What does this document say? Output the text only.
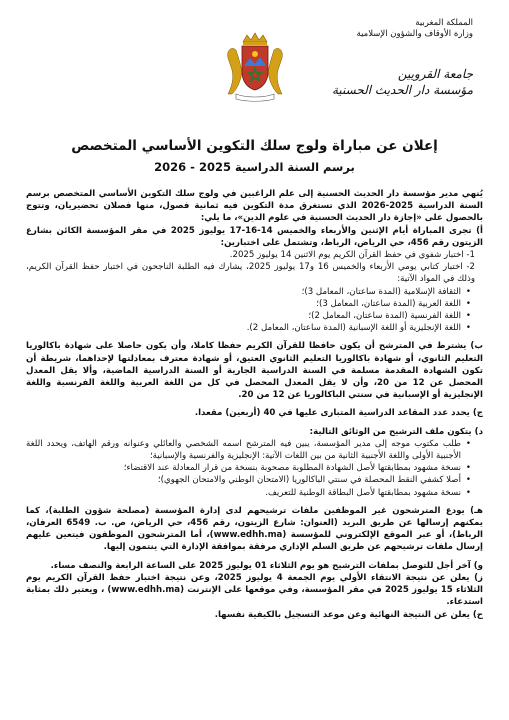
المملكة المغربية
وزارة الأوقاف والشؤون الإسلامية
جامعة القرويين
مؤسسة دار الحديث الحسنية
إعلان عن مباراة ولوج سلك التكوين الأساسي المتخصص
برسم السنة الدراسية 2025 - 2026

يُنهي مدير مؤسسة دار الحديث الحسنية إلى علم الراغبين في ولوج سلك التكوين الأساسي المتخصص برسم السنة الدراسية 2025-2026 الذي تستغرق مدة التكوين فيه ثمانية فصول، منها فصلان تحضيريان، وتتوج بالحصول على «إجازة دار الحديث الحسنية في علوم الدين»، ما يلي:

أ) تجرى المباراة أيام الإثنين والأربعاء والخميس 14-16-17 يوليوز 2025 في مقر المؤسسة الكائن بشارع الزيتون رقم 456، حي الرياض، الرباط، وتشتمل على اختبارين:

1- اختبار شفوي في حفظ القرآن الكريم يوم الاثنين 14 يوليوز 2025.

2- اختبار كتابي يومي الأربعاء والخميس 16 و17 يوليوز 2025، يشارك فيه الطلبة الناجحون في اختبار حفظ القرآن الكريم، وذلك في المواد الآتية:

• الثقافة الإسلامية (المدة ساعتان، المعامل 3)؛
• اللغة العربية (المدة ساعتان، المعامل 3)؛
• اللغة الفرنسية (المدة ساعتان، المعامل 2)؛
• اللغة الإنجليزية أو اللغة الإسبانية (المدة ساعتان، المعامل 2).

ب) يشترط في المترشح أن يكون حافظا للقرآن الكريم حفظا كاملا، وأن يكون حاصلا على شهادة باكالوريا التعليم الثانوي، أو شهادة باكالوريا التعليم الثانوي العتيق، أو شهادة معترف بمعادلتها لإحداهما، شريطة أن تكون الشهادة المقدمة مسلمة في السنة الدراسية الجارية أو السنة الدراسية الماضية، وألا يقل المعدل المحصل عن 12 من 20، وأن لا يقل المعدل المحصل في كل من اللغة العربية واللغة الفرنسية واللغة الإنجليزية أو الإسبانية في سنتي الباكالوريا عن 12 من 20.

ج) يحدد عدد المقاعد الدراسية المتبارى عليها في 40 (أربعين) مقعدا.

د) يتكون ملف الترشيح من الوثائق التالية:

• طلب مكتوب موجه إلى مدير المؤسسة، يبين فيه المترشح اسمه الشخصي والعائلي وعنوانه ورقم الهاتف، ويحدد اللغة الأجنبية الأولى واللغة الأجنبية الثانية من بين اللغات الآتية: الإنجليزية والفرنسية والإسبانية؛
• نسخة مشهود بمطابقتها لأصل الشهادة المطلوبة مصحوبة بنسخة من قرار المعادلة عند الاقتضاء؛
• أصلا كشفي النقط المحصلة في سنتي الباكالوريا (الامتحان الوطني والامتحان الجهوي)؛
• نسخة مشهود بمطابقتها لأصل البطاقة الوطنية للتعريف.

هـ) يودع المترشحون غير الموظفين ملفات ترشيحهم لدى إدارة المؤسسة (مصلحة شؤون الطلبة)، كما يمكنهم إرسالها عن طريق البريد (العنوان: شارع الزيتون، رقم 456، حي الرياض، ص. ب. 6549 العرفان، الرباط)، أو عبر الموقع الإلكتروني للمؤسسة (www.edhh.ma)، أما المترشحون الموظفون فيتعين عليهم إرسال ملفات ترشيحهم عن طريق السلم الإداري مرفقة بموافقة الإدارة التي ينتمون إليها.

و) آخر أجل للتوصل بملفات الترشيح هو يوم الثلاثاء 01 يوليوز 2025 على الساعة الرابعة والنصف مساء.

ز) يعلن عن نتيجة الانتقاء الأولي يوم الجمعة 4 يوليوز 2025، وعن نتيجة اختبار حفظ القرآن الكريم يوم الثلاثاء 15 يوليوز 2025 في مقر المؤسسة، وفي موقعها على الإنترنت (www.edhh.ma) ، ويعتبر ذلك بمثابة استدعاء.

ح) يعلن عن النتيجة النهائية وعن موعد التسجيل بالكيفية نفسها.
